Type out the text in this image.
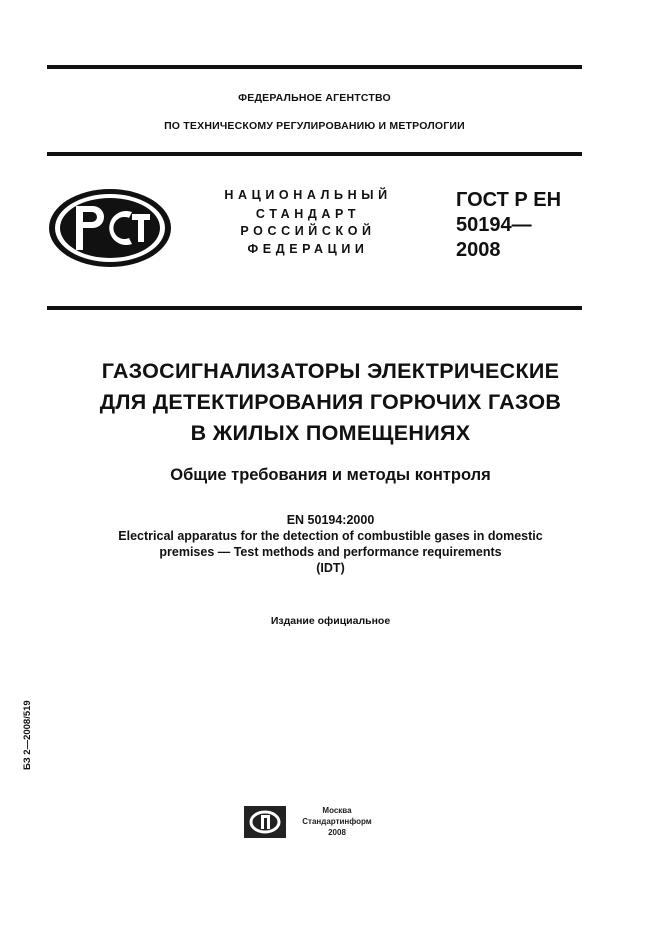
ФЕДЕРАЛЬНОЕ АГЕНТСТВО
ПО ТЕХНИЧЕСКОМУ РЕГУЛИРОВАНИЮ И МЕТРОЛОГИИ
НАЦИОНАЛЬНЫЙ
СТАНДАРТ
РОССИЙСКОЙ
ФЕДЕРАЦИИ
ГОСТ Р ЕН
50194—
2008
ГАЗОСИГНАЛИЗАТОРЫ ЭЛЕКТРИЧЕСКИЕ
ДЛЯ ДЕТЕКТИРОВАНИЯ ГОРЮЧИХ ГАЗОВ
В ЖИЛЫХ ПОМЕЩЕНИЯХ
Общие требования и методы контроля
EN 50194:2000
Electrical apparatus for the detection of combustible gases in domestic
premises — Test methods and performance requirements
(IDT)
Издание официальное
БЗ 2—2008/519
Москва
Стандартинформ
2008
